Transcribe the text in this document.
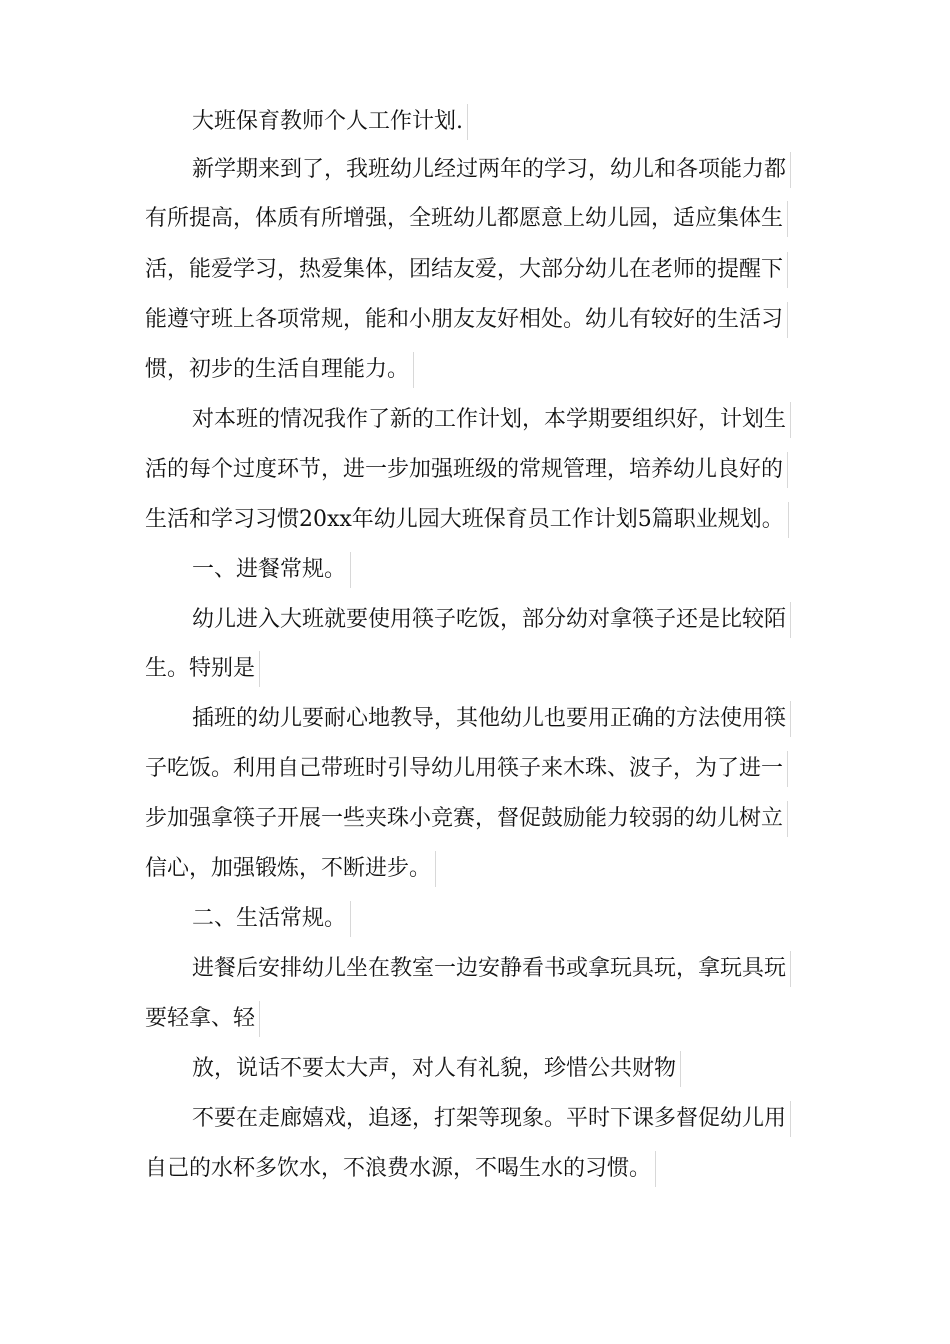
大班保育教师个人工作计划.
新学期来到了，我班幼儿经过两年的学习，幼儿和各项能力都
有所提高，体质有所增强，全班幼儿都愿意上幼儿园，适应集体生
活，能爱学习，热爱集体，团结友爱，大部分幼儿在老师的提醒下
能遵守班上各项常规，能和小朋友友好相处。幼儿有较好的生活习
惯，初步的生活自理能力。
对本班的情况我作了新的工作计划，本学期要组织好，计划生
活的每个过度环节，进一步加强班级的常规管理，培养幼儿良好的
生活和学习习惯20xx年幼儿园大班保育员工作计划5篇职业规划。
一、进餐常规。
幼儿进入大班就要使用筷子吃饭，部分幼对拿筷子还是比较陌
生。特别是
插班的幼儿要耐心地教导，其他幼儿也要用正确的方法使用筷
子吃饭。利用自己带班时引导幼儿用筷子来木珠、波子，为了进一
步加强拿筷子开展一些夹珠小竞赛，督促鼓励能力较弱的幼儿树立
信心，加强锻炼，不断进步。
二、生活常规。
进餐后安排幼儿坐在教室一边安静看书或拿玩具玩，拿玩具玩
要轻拿、轻
放，说话不要太大声，对人有礼貌，珍惜公共财物
不要在走廊嬉戏，追逐，打架等现象。平时下课多督促幼儿用
自己的水杯多饮水，不浪费水源，不喝生水的习惯。
